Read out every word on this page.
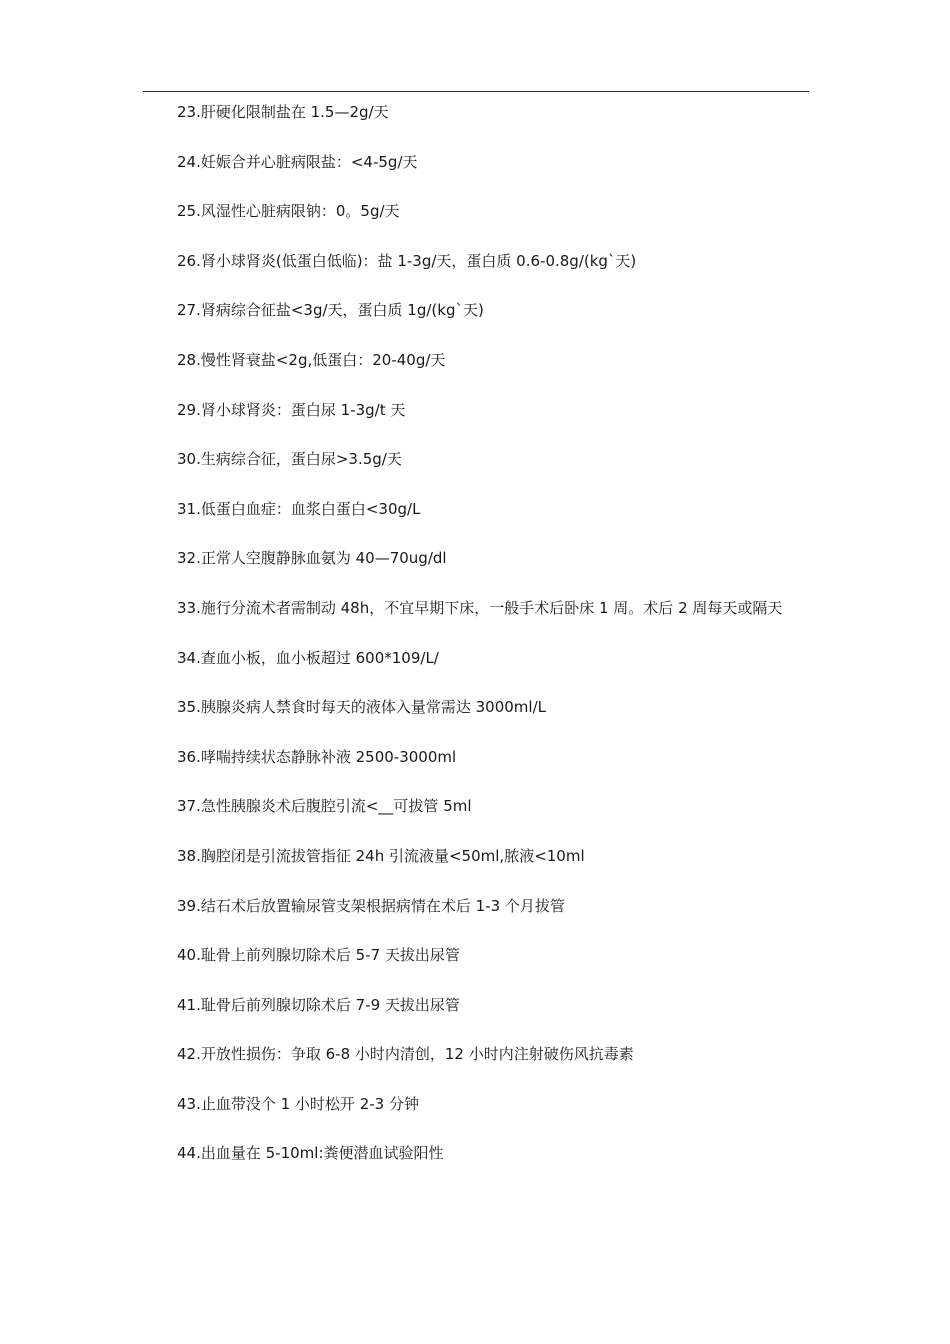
23.肝硬化限制盐在 1.5—2g/天

24.妊娠合并心脏病限盐：<4-5g/天

25.风湿性心脏病限钠：0。5g/天

26.肾小球肾炎(低蛋白低临)：盐 1-3g/天，蛋白质 0.6-0.8g/(kg`天)

27.肾病综合征盐<3g/天，蛋白质 1g/(kg`天)

28.慢性肾衰盐<2g,低蛋白：20-40g/天

29.肾小球肾炎：蛋白尿 1-3g/t 天

30.生病综合征，蛋白尿>3.5g/天

31.低蛋白血症：血浆白蛋白<30g/L

32.正常人空腹静脉血氨为 40—70ug/dl

33.施行分流术者需制动 48h，不宜早期下床，一般手术后卧床 1 周。术后 2 周每天或隔天

34.查血小板，血小板超过 600*109/L/

35.胰腺炎病人禁食时每天的液体入量常需达 3000ml/L

36.哮喘持续状态静脉补液 2500-3000ml

37.急性胰腺炎术后腹腔引流<__可拔管 5ml

38.胸腔闭是引流拔管指征 24h 引流液量<50ml,脓液<10ml

39.结石术后放置输尿管支架根据病情在术后 1-3 个月拔管

40.耻骨上前列腺切除术后 5-7 天拔出尿管

41.耻骨后前列腺切除术后 7-9 天拔出尿管

42.开放性损伤：争取 6-8 小时内清创，12 小时内注射破伤风抗毒素

43.止血带没个 1 小时松开 2-3 分钟

44.出血量在 5-10ml:粪便潜血试验阳性
